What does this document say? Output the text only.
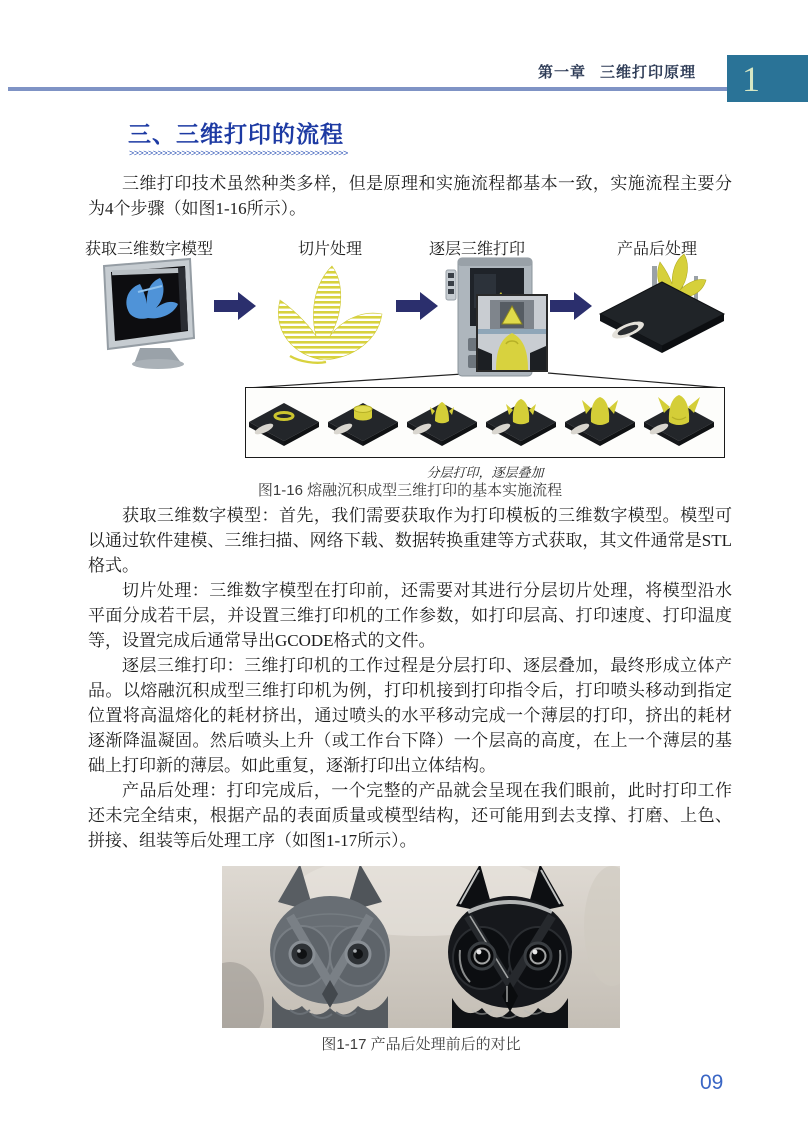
第一章 三维打印原理	1
三、三维打印的流程
>>>>>>>>>>>>>>>>>>>>>>>>>>>>>>>>>>>>>>>>>>>>>>

三维打印技术虽然种类多样，但是原理和实施流程都基本一致，实施流程主要分为4个步骤（如图1-16所示）。

获取三维数字模型	切片处理	逐层三维打印	产品后处理
分层打印，逐层叠加
图1-16 熔融沉积成型三维打印的基本实施流程

获取三维数字模型：首先，我们需要获取作为打印模板的三维数字模型。模型可以通过软件建模、三维扫描、网络下载、数据转换重建等方式获取，其文件通常是STL格式。

切片处理：三维数字模型在打印前，还需要对其进行分层切片处理，将模型沿水平面分成若干层，并设置三维打印机的工作参数，如打印层高、打印速度、打印温度等，设置完成后通常导出GCODE格式的文件。

逐层三维打印：三维打印机的工作过程是分层打印、逐层叠加，最终形成立体产品。以熔融沉积成型三维打印机为例，打印机接到打印指令后，打印喷头移动到指定位置将高温熔化的耗材挤出，通过喷头的水平移动完成一个薄层的打印，挤出的耗材逐渐降温凝固。然后喷头上升（或工作台下降）一个层高的高度，在上一个薄层的基础上打印新的薄层。如此重复，逐渐打印出立体结构。

产品后处理：打印完成后，一个完整的产品就会呈现在我们眼前，此时打印工作还未完全结束，根据产品的表面质量或模型结构，还可能用到去支撑、打磨、上色、拼接、组装等后处理工序（如图1-17所示）。

图1-17 产品后处理前后的对比
09
